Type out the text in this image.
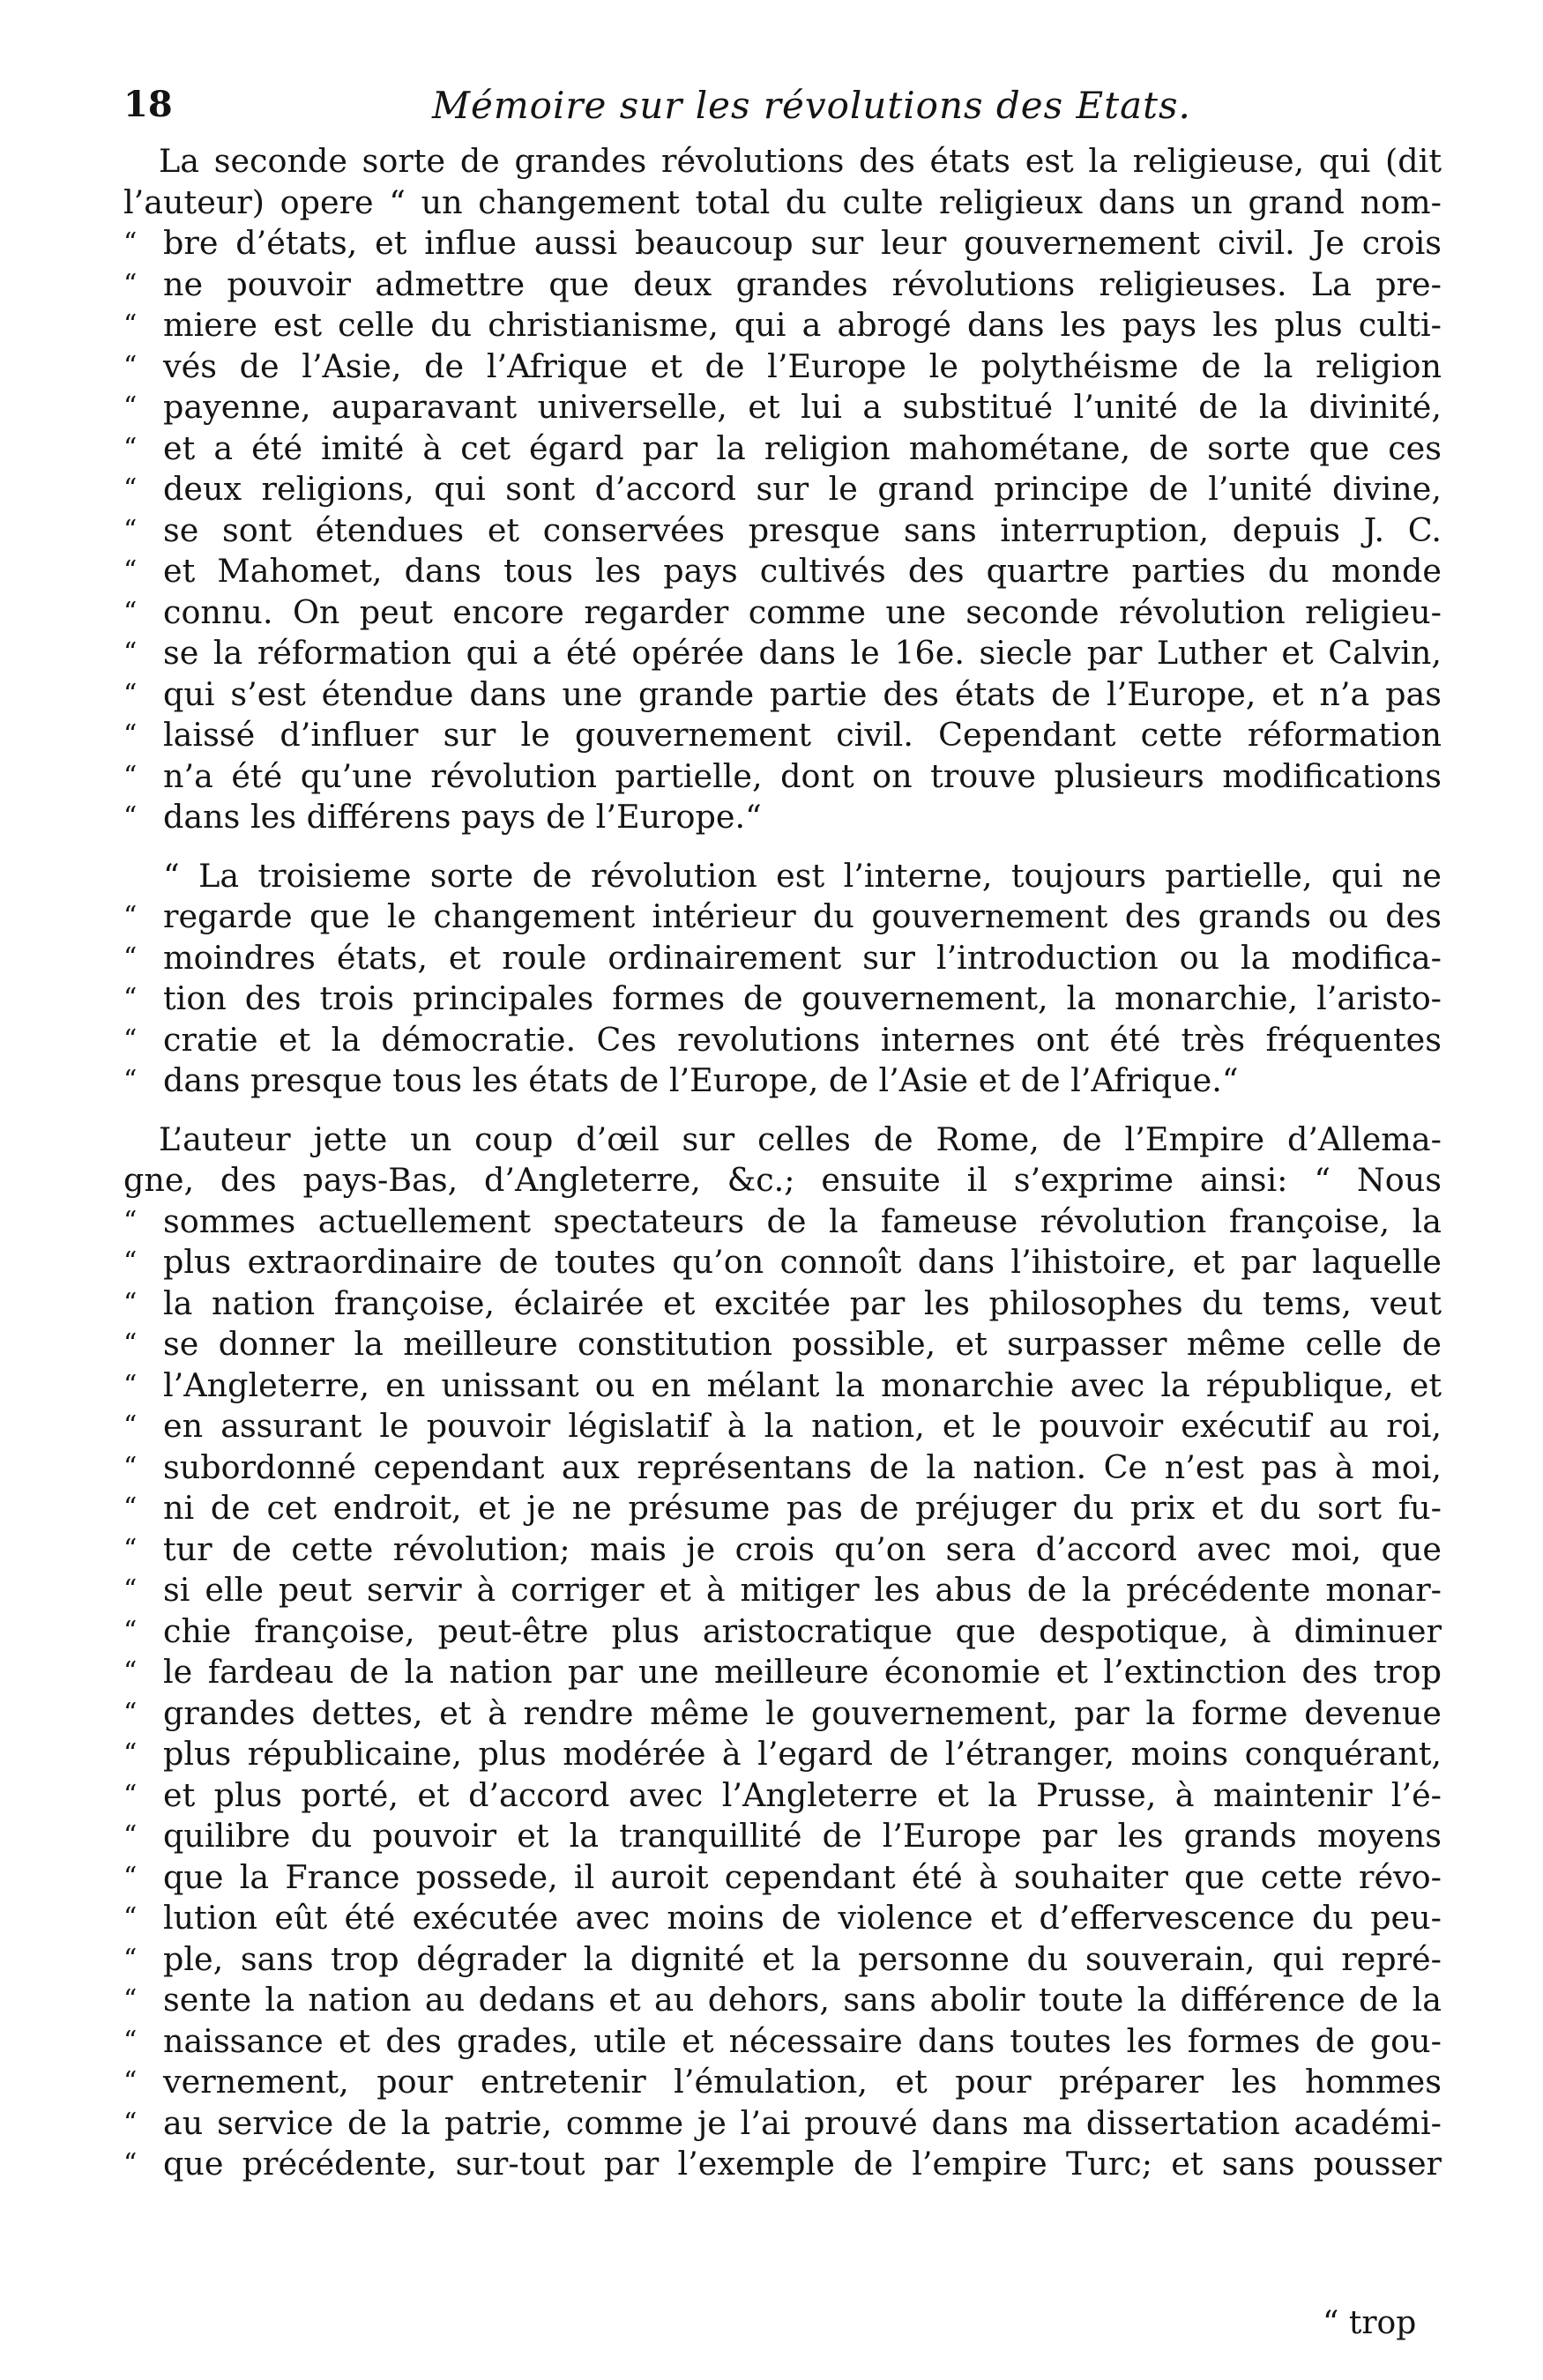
18	Mémoire sur les révolutions des Etats.
La seconde sorte de grandes révolutions des états est la religieuse, qui (dit
l’auteur) opere “ un changement total du culte religieux dans un grand nom-
“ bre d’états, et influe aussi beaucoup sur leur gouvernement civil. Je crois
“ ne pouvoir admettre que deux grandes révolutions religieuses. La pre-
“ miere est celle du christianisme, qui a abrogé dans les pays les plus culti-
“ vés de l’Asie, de l’Afrique et de l’Europe le polythéisme de la religion
“ payenne, auparavant universelle, et lui a substitué l’unité de la divinité,
“ et a été imité à cet égard par la religion mahométane, de sorte que ces
“ deux religions, qui sont d’accord sur le grand principe de l’unité divine,
“ se sont étendues et conservées presque sans interruption, depuis J. C.
“ et Mahomet, dans tous les pays cultivés des quartre parties du monde
“ connu. On peut encore regarder comme une seconde révolution religieu-
“ se la réformation qui a été opérée dans le 16e. siecle par Luther et Calvin,
“ qui s’est étendue dans une grande partie des états de l’Europe, et n’a pas
“ laissé d’influer sur le gouvernement civil. Cependant cette réformation
“ n’a été qu’une révolution partielle, dont on trouve plusieurs modifications
“ dans les différens pays de l’Europe.“
“ La troisieme sorte de révolution est l’interne, toujours partielle, qui ne
“ regarde que le changement intérieur du gouvernement des grands ou des
“ moindres états, et roule ordinairement sur l’introduction ou la modifica-
“ tion des trois principales formes de gouvernement, la monarchie, l’aristo-
“ cratie et la démocratie. Ces revolutions internes ont été très fréquentes
“ dans presque tous les états de l’Europe, de l’Asie et de l’Afrique.“
L’auteur jette un coup d’œil sur celles de Rome, de l’Empire d’Allema-
gne, des pays-Bas, d’Angleterre, &c.; ensuite il s’exprime ainsi: “ Nous
“ sommes actuellement spectateurs de la fameuse révolution françoise, la
“ plus extraordinaire de toutes qu’on connoît dans l’ihistoire, et par laquelle
“ la nation françoise, éclairée et excitée par les philosophes du tems, veut
“ se donner la meilleure constitution possible, et surpasser même celle de
“ l’Angleterre, en unissant ou en mélant la monarchie avec la république, et
“ en assurant le pouvoir législatif à la nation, et le pouvoir exécutif au roi,
“ subordonné cependant aux représentans de la nation. Ce n’est pas à moi,
“ ni de cet endroit, et je ne présume pas de préjuger du prix et du sort fu-
“ tur de cette révolution; mais je crois qu’on sera d’accord avec moi, que
“ si elle peut servir à corriger et à mitiger les abus de la précédente monar-
“ chie françoise, peut-être plus aristocratique que despotique, à diminuer
“ le fardeau de la nation par une meilleure économie et l’extinction des trop
“ grandes dettes, et à rendre même le gouvernement, par la forme devenue
“ plus républicaine, plus modérée à l’egard de l’étranger, moins conquérant,
“ et plus porté, et d’accord avec l’Angleterre et la Prusse, à maintenir l’é-
“ quilibre du pouvoir et la tranquillité de l’Europe par les grands moyens
“ que la France possede, il auroit cependant été à souhaiter que cette révo-
“ lution eût été exécutée avec moins de violence et d’effervescence du peu-
“ ple, sans trop dégrader la dignité et la personne du souverain, qui repré-
“ sente la nation au dedans et au dehors, sans abolir toute la différence de la
“ naissance et des grades, utile et nécessaire dans toutes les formes de gou-
“ vernement, pour entretenir l’émulation, et pour préparer les hommes
“ au service de la patrie, comme je l’ai prouvé dans ma dissertation académi-
“ que précédente, sur-tout par l’exemple de l’empire Turc; et sans pousser
“ trop
